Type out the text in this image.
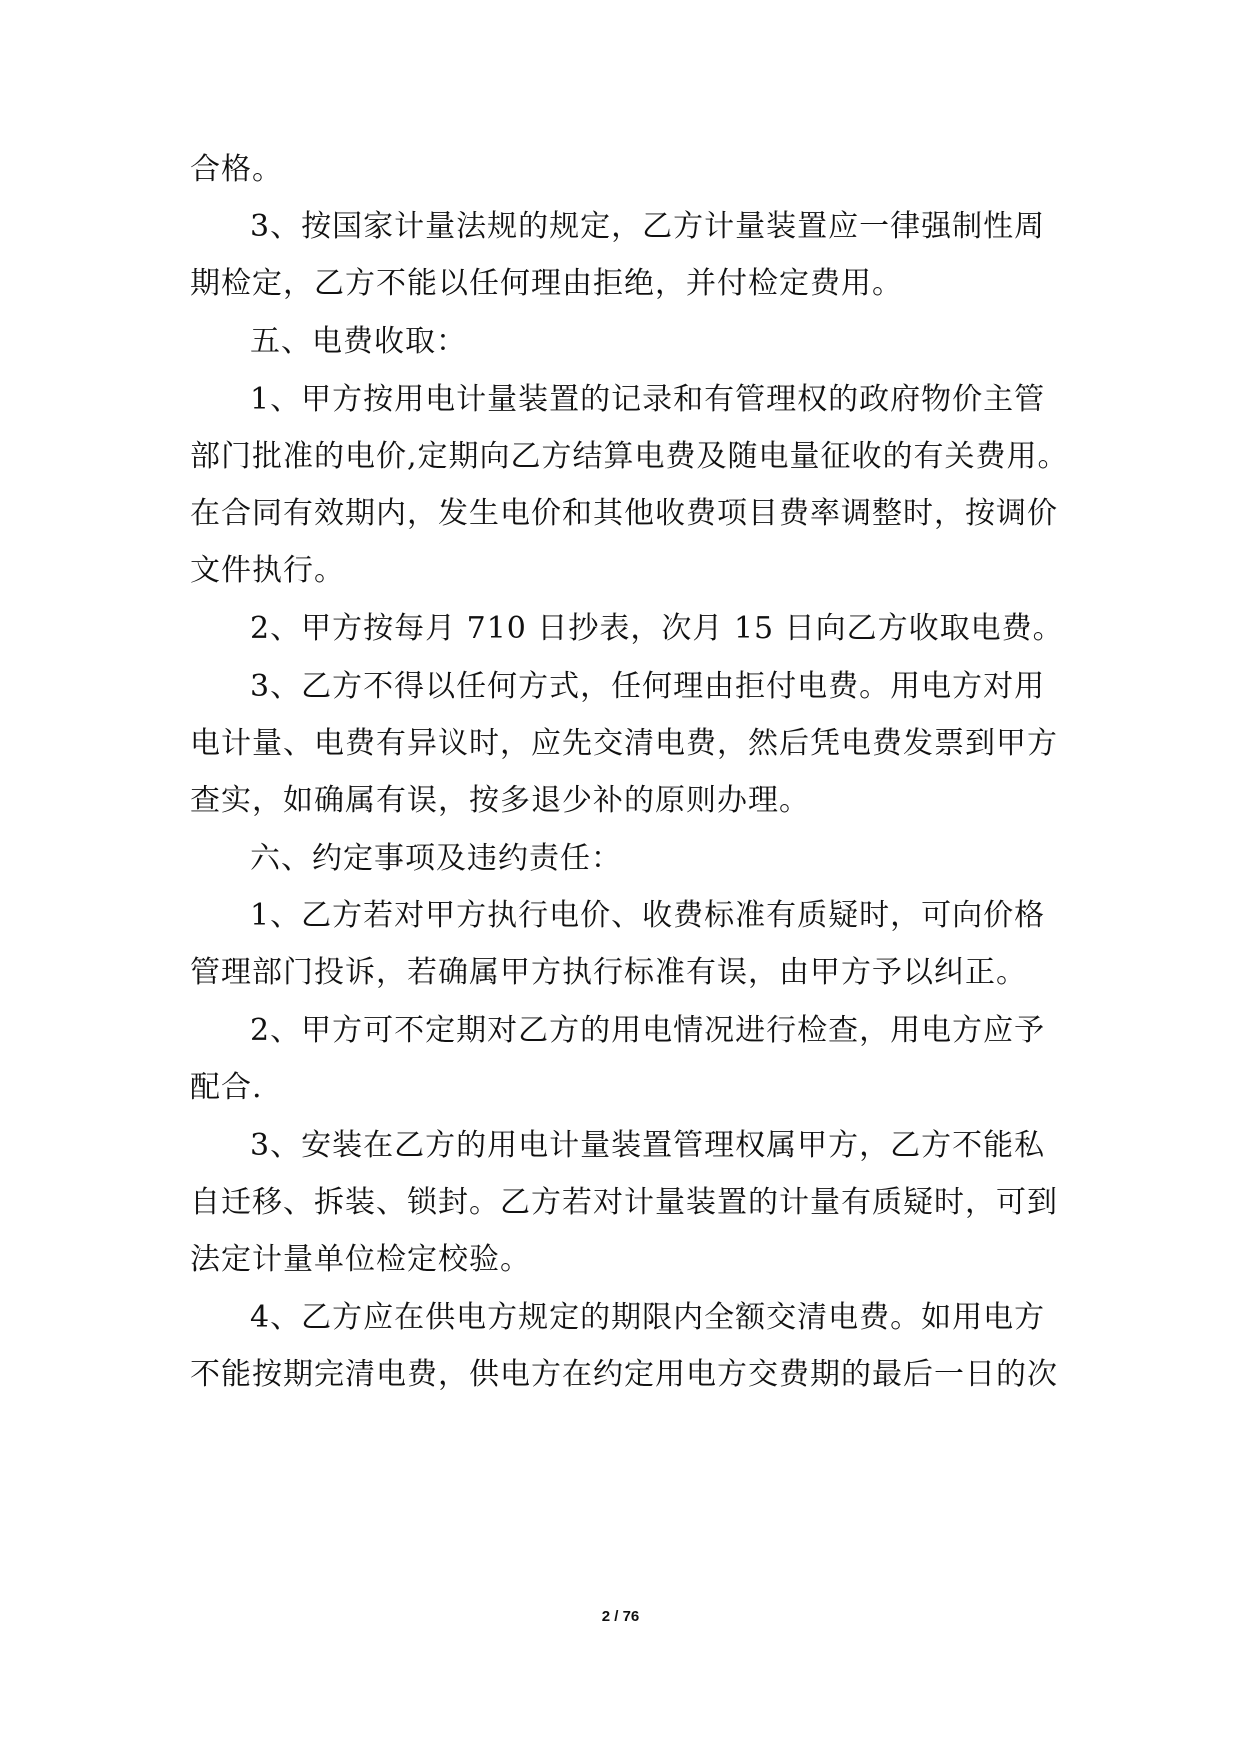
合格。
3、按国家计量法规的规定，乙方计量装置应一律强制性周
期检定，乙方不能以任何理由拒绝，并付检定费用。
五、电费收取：
1、甲方按用电计量装置的记录和有管理权的政府物价主管
部门批准的电价,定期向乙方结算电费及随电量征收的有关费用。
在合同有效期内，发生电价和其他收费项目费率调整时，按调价
文件执行。
2、甲方按每月 710 日抄表，次月 15 日向乙方收取电费。
3、乙方不得以任何方式，任何理由拒付电费。用电方对用
电计量、电费有异议时，应先交清电费，然后凭电费发票到甲方
查实，如确属有误，按多退少补的原则办理。
六、约定事项及违约责任：
1、乙方若对甲方执行电价、收费标准有质疑时，可向价格
管理部门投诉，若确属甲方执行标准有误，由甲方予以纠正。
2、甲方可不定期对乙方的用电情况进行检查，用电方应予
配合.
3、安装在乙方的用电计量装置管理权属甲方，乙方不能私
自迁移、拆装、锁封。乙方若对计量装置的计量有质疑时，可到
法定计量单位检定校验。
4、乙方应在供电方规定的期限内全额交清电费。如用电方
不能按期完清电费，供电方在约定用电方交费期的最后一日的次
2 / 76
